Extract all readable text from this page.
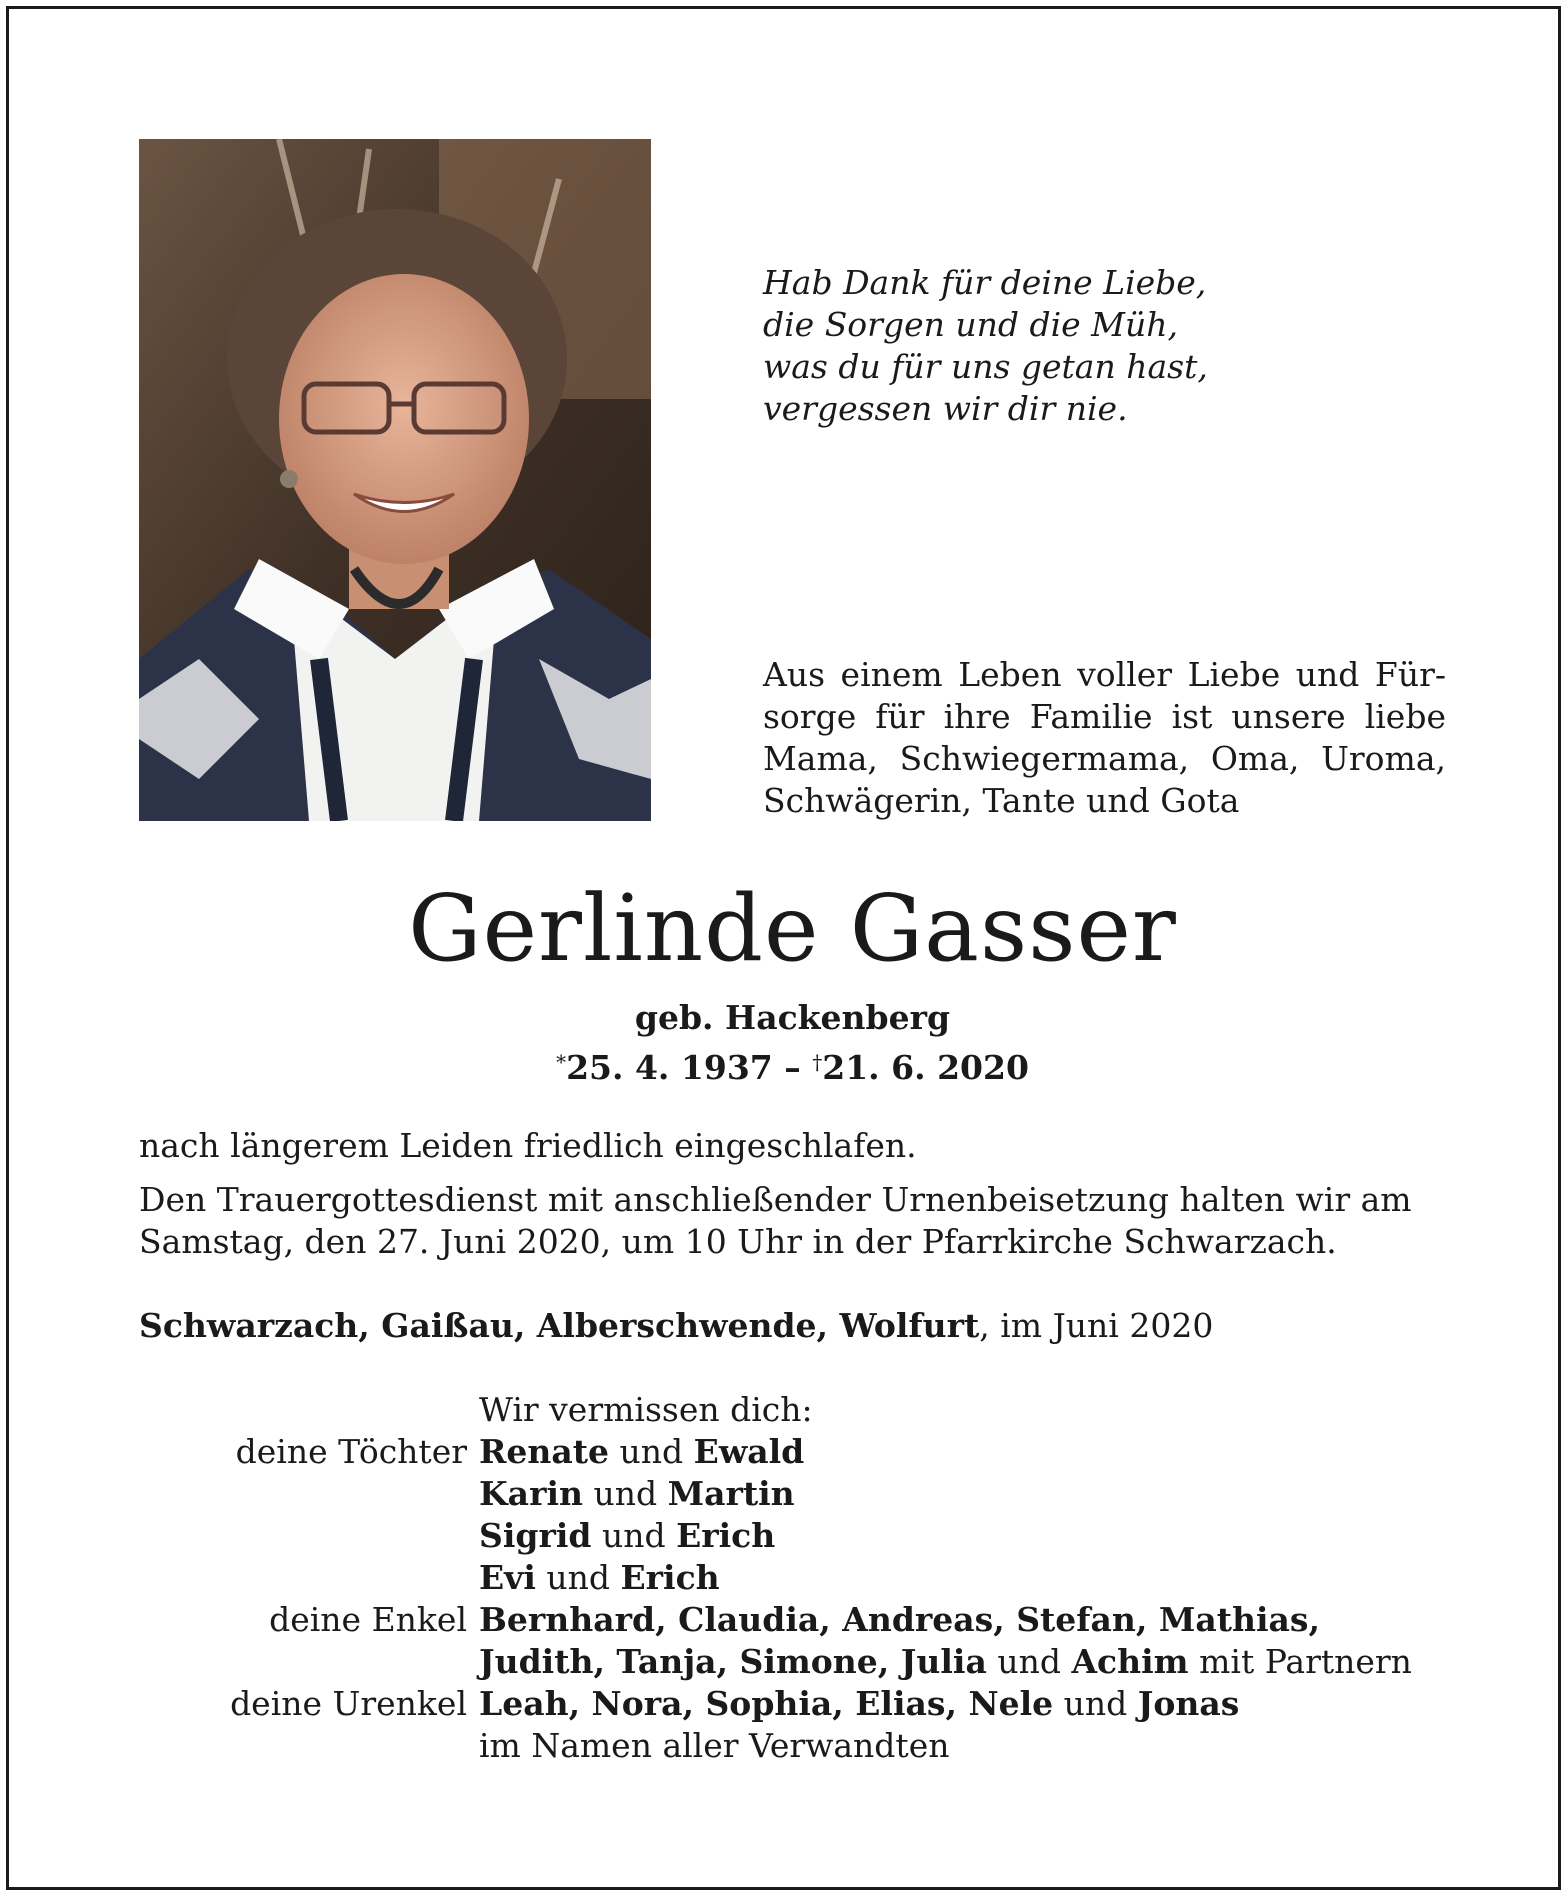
Hab Dank für deine Liebe,
die Sorgen und die Müh,
was du für uns getan hast,
vergessen wir dir nie.
Aus einem Leben voller Liebe und Für-
sorge für ihre Familie ist unsere liebe
Mama, Schwiegermama, Oma, Uroma,
Schwägerin, Tante und Gota
Gerlinde Gasser
geb. Hackenberg
*25. 4. 1937 – †21. 6. 2020
nach längerem Leiden friedlich eingeschlafen.
Den Trauergottesdienst mit anschließender Urnenbeisetzung halten wir am
Samstag, den 27. Juni 2020, um 10 Uhr in der Pfarrkirche Schwarzach.
Schwarzach, Gaißau, Alberschwende, Wolfurt, im Juni 2020
Wir vermissen dich:
deine Töchter Renate und Ewald
Karin und Martin
Sigrid und Erich
Evi und Erich
deine Enkel Bernhard, Claudia, Andreas, Stefan, Mathias,
Judith, Tanja, Simone, Julia und Achim mit Partnern
deine Urenkel Leah, Nora, Sophia, Elias, Nele und Jonas
im Namen aller Verwandten
